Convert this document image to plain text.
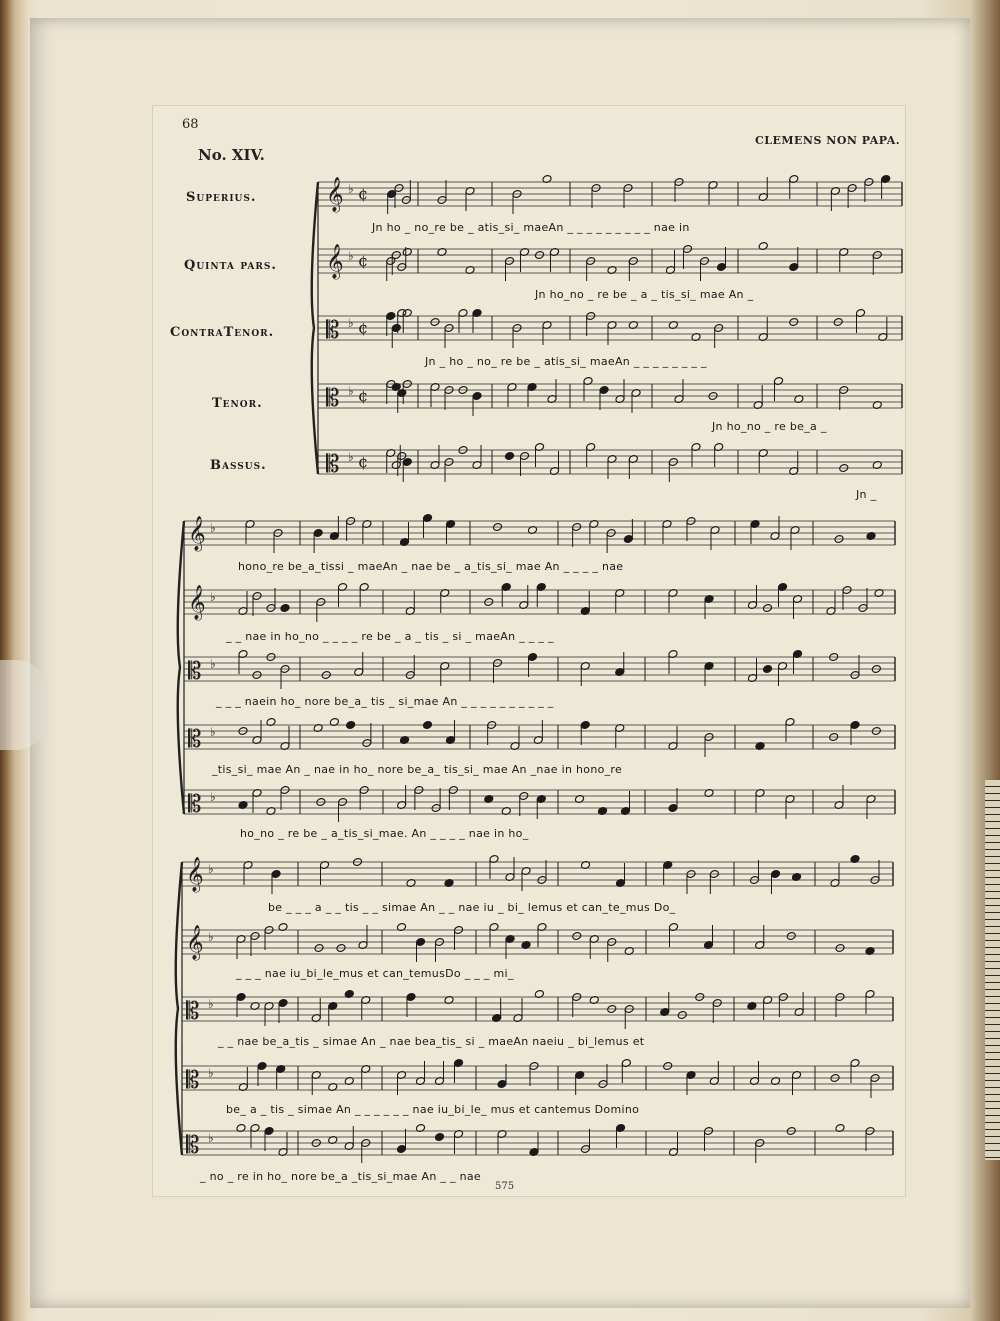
68
CLEMENS NON PAPA.
No. XIV.
Superius.
Quinta pars.
ContraTenor.
Tenor.
Bassus.
𝄞 ♭ ¢
𝄞 ♭ ¢
𝄡 ♭ ¢
𝄡 ♭ ¢
𝄡 ♭ ¢
𝄞 ♭
𝄞 ♭
𝄡 ♭
𝄡 ♭
𝄡 ♭
𝄞 ♭
𝄞 ♭
𝄡 ♭
𝄡 ♭
𝄡 ♭
Jn ho _ no_re be _ atis_si_ maeAn _ _ _ _ _ _ _ _ _ nae in
Jn ho_no _ re be _ a _ tis_si_ mae An _
Jn _ ho _ no_ re be _ atis_si_ maeAn _ _ _ _ _ _ _ _
Jn ho_no _ re be_a _
Jn _
hono_re be_a_tissi _ maeAn _ nae be _ a_tis_si_ mae An _ _ _ _ nae
_ _ nae in ho_no _ _ _ _ re be _ a _ tis _ si _ maeAn _ _ _ _
_ _ _ naein ho_ nore be_a_ tis _ si_mae An _ _ _ _ _ _ _ _ _ _
_tis_si_ mae An _ nae in ho_ nore be_a_ tis_si_ mae An _nae in hono_re
ho_no _ re be _ a_tis_si_mae. An _ _ _ _ nae in ho_
be _ _ _ a _ _ tis _ _ simae An _ _ nae iu _ bi_ lemus et can_te_mus Do_
_ _ _ nae iu_bi_le_mus et can_temusDo _ _ _ mi_
_ _ nae be_a_tis _ simae An _ nae bea_tis_ si _ maeAn naeiu _ bi_lemus et
be_ a _ tis _ simae An _ _ _ _ _ _ nae iu_bi_le_ mus et cantemus Domino
_ no _ re in ho_ nore be_a _tis_si_mae An _ _ nae
575
